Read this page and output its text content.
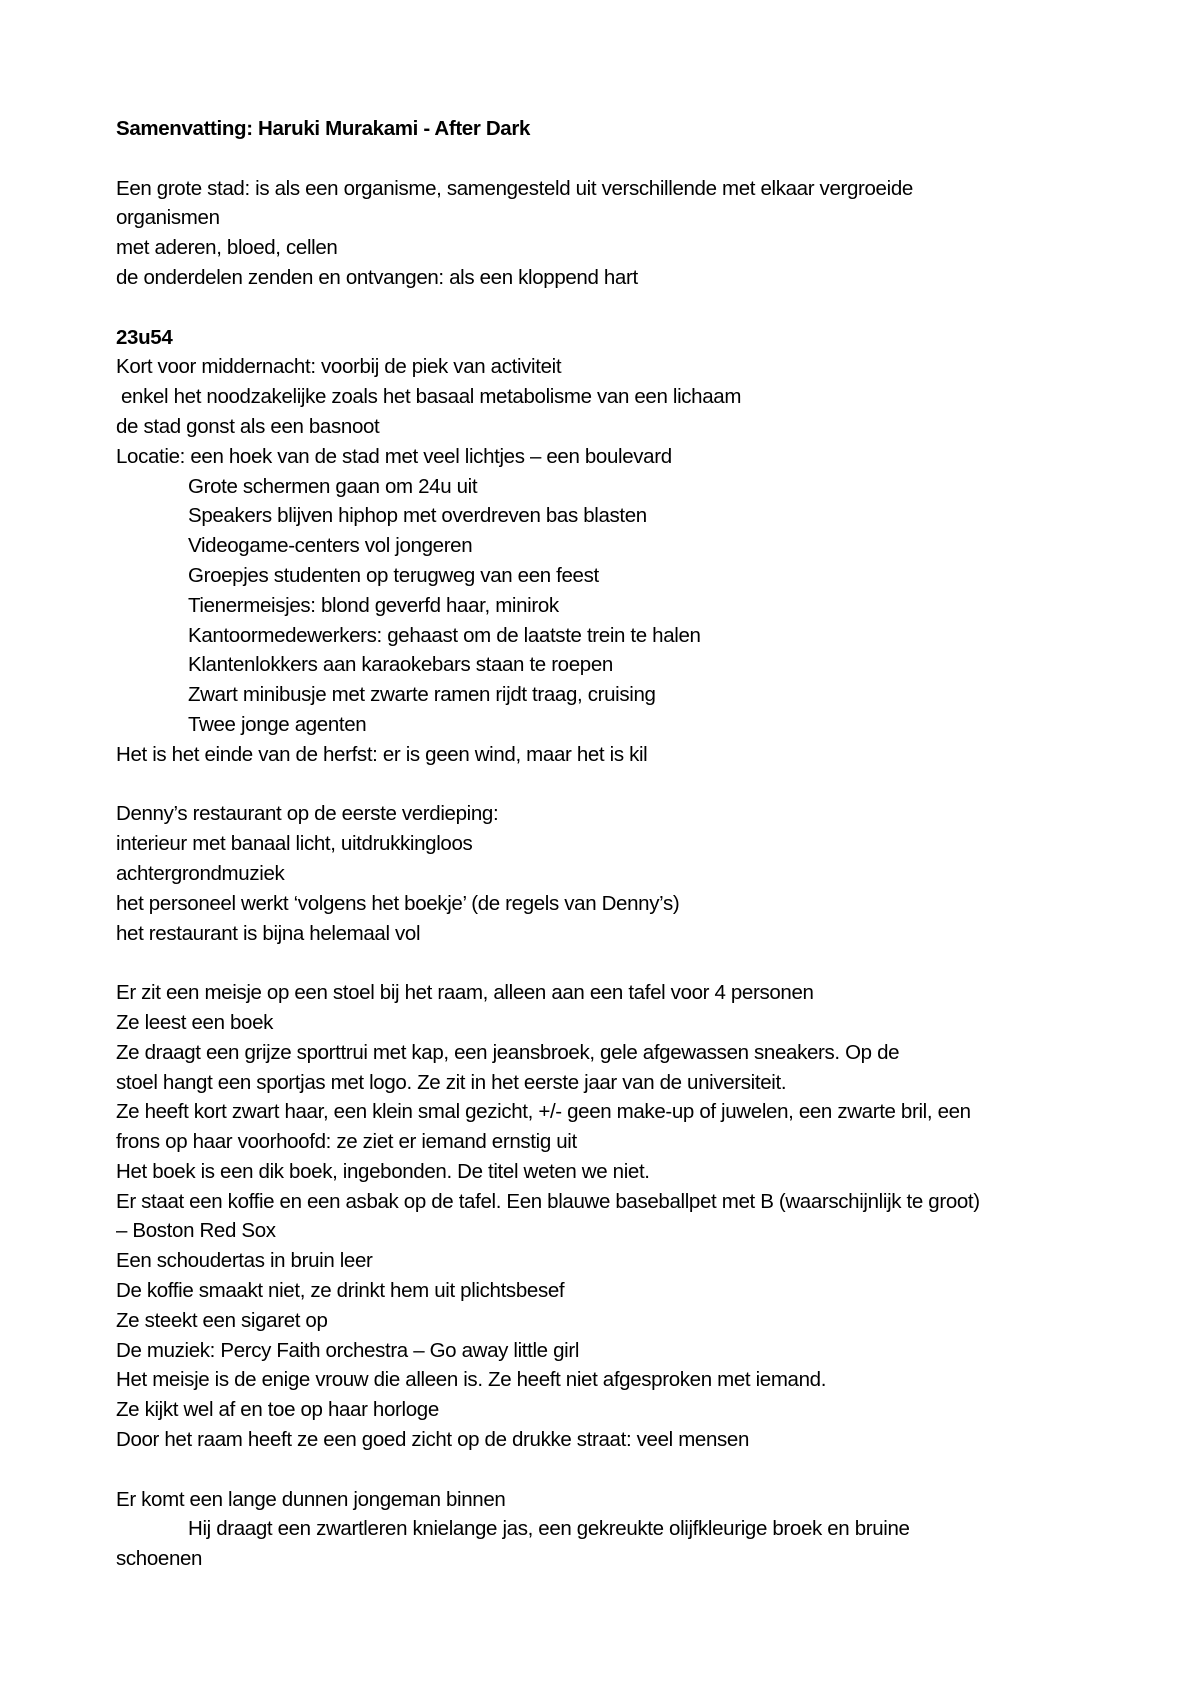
Samenvatting: Haruki Murakami - After Dark
Een grote stad: is als een organisme, samengesteld uit verschillende met elkaar vergroeide
organismen
met aderen, bloed, cellen
de onderdelen zenden en ontvangen: als een kloppend hart
23u54
Kort voor middernacht: voorbij de piek van activiteit
enkel het noodzakelijke zoals het basaal metabolisme van een lichaam
de stad gonst als een basnoot
Locatie: een hoek van de stad met veel lichtjes – een boulevard
Grote schermen gaan om 24u uit
Speakers blijven hiphop met overdreven bas blasten
Videogame-centers vol jongeren
Groepjes studenten op terugweg van een feest
Tienermeisjes: blond geverfd haar, minirok
Kantoormedewerkers: gehaast om de laatste trein te halen
Klantenlokkers aan karaokebars staan te roepen
Zwart minibusje met zwarte ramen rijdt traag, cruising
Twee jonge agenten
Het is het einde van de herfst: er is geen wind, maar het is kil
Denny’s restaurant op de eerste verdieping:
interieur met banaal licht, uitdrukkingloos
achtergrondmuziek
het personeel werkt ‘volgens het boekje’ (de regels van Denny’s)
het restaurant is bijna helemaal vol
Er zit een meisje op een stoel bij het raam, alleen aan een tafel voor 4 personen
Ze leest een boek
Ze draagt een grijze sporttrui met kap, een jeansbroek, gele afgewassen sneakers. Op de
stoel hangt een sportjas met logo. Ze zit in het eerste jaar van de universiteit.
Ze heeft kort zwart haar, een klein smal gezicht, +/- geen make-up of juwelen, een zwarte bril, een
frons op haar voorhoofd: ze ziet er iemand ernstig uit
Het boek is een dik boek, ingebonden. De titel weten we niet.
Er staat een koffie en een asbak op de tafel. Een blauwe baseballpet met B (waarschijnlijk te groot)
– Boston Red Sox
Een schoudertas in bruin leer
De koffie smaakt niet, ze drinkt hem uit plichtsbesef
Ze steekt een sigaret op
De muziek: Percy Faith orchestra – Go away little girl
Het meisje is de enige vrouw die alleen is. Ze heeft niet afgesproken met iemand.
Ze kijkt wel af en toe op haar horloge
Door het raam heeft ze een goed zicht op de drukke straat: veel mensen
Er komt een lange dunnen jongeman binnen
Hij draagt een zwartleren knielange jas, een gekreukte olijfkleurige broek en bruine
schoenen
